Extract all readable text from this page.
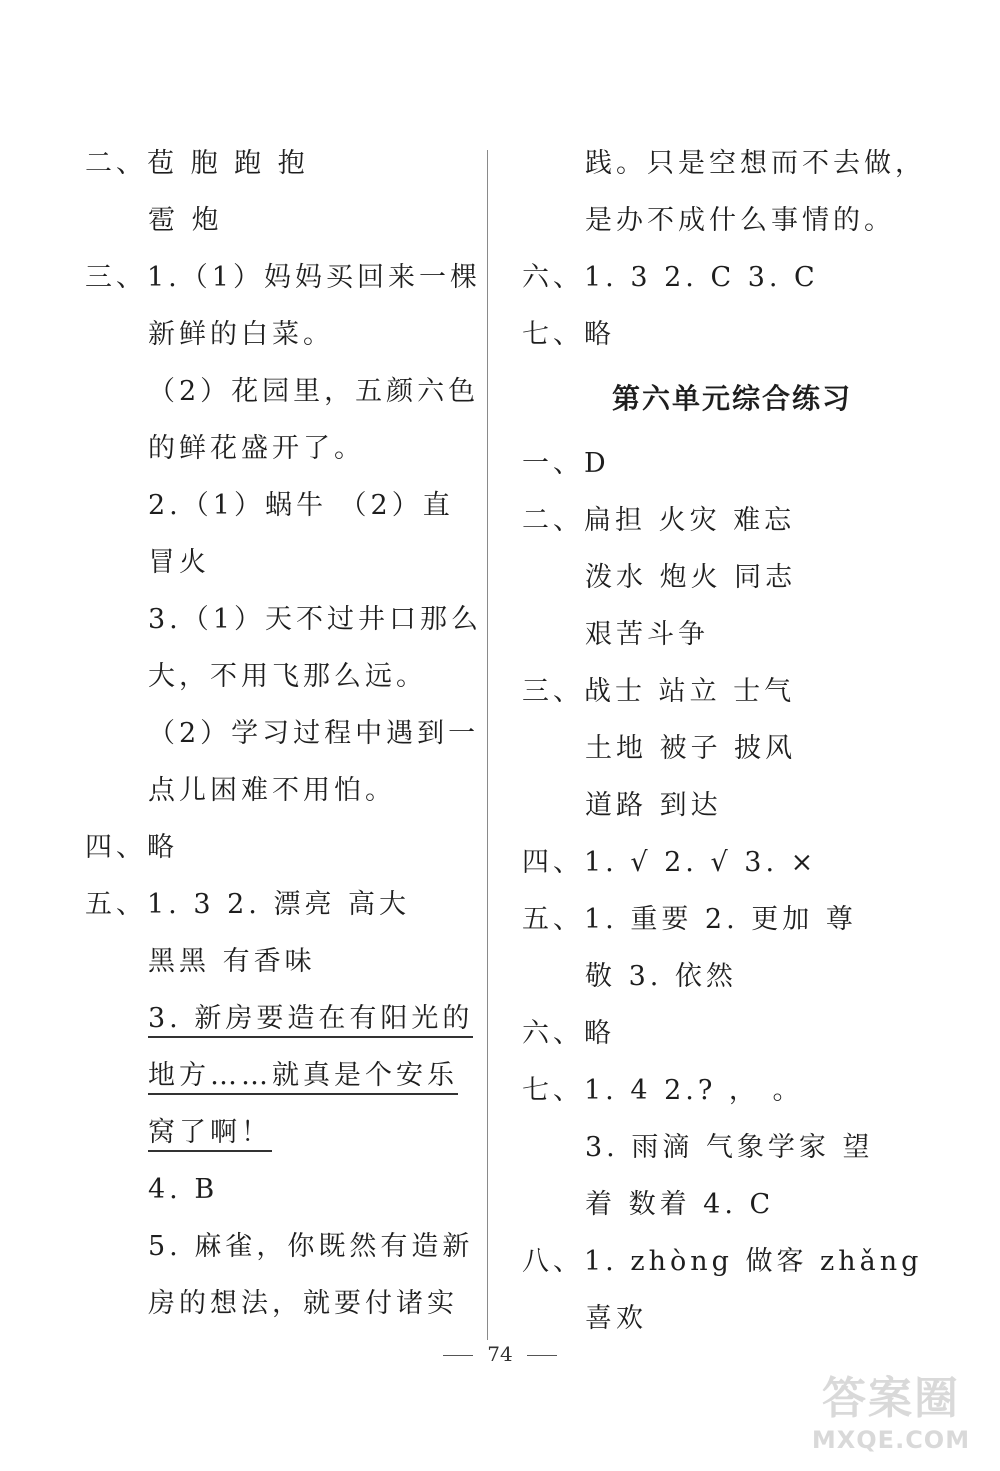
二、苞 胞 跑 抱
雹 炮
三、1.（1）妈妈买回来一棵
新鲜的白菜。
（2）花园里，五颜六色
的鲜花盛开了。
2.（1）蜗牛 （2）直
冒火
3.（1）天不过井口那么
大，不用飞那么远。
（2）学习过程中遇到一
点儿困难不用怕。
四、略
五、1. 3 2. 漂亮 高大
黑黑 有香味
3. 新房要造在有阳光的
地方……就真是个安乐
窝了啊！
4. B
5. 麻雀，你既然有造新
房的想法，就要付诸实
践。只是空想而不去做，
是办不成什么事情的。
六、1. 3 2. C 3. C
七、略
第六单元综合练习
一、D
二、扁担 火灾 难忘
泼水 炮火 同志
艰苦斗争
三、战士 站立 士气
土地 被子 披风
道路 到达
四、1. √ 2. √ 3. ×
五、1. 重要 2. 更加 尊
敬 3. 依然
六、略
七、1. 4 2.? ， 。
3. 雨滴 气象学家 望
着 数着 4. C
八、1. zhòng 做客 zhǎng
喜欢
74
答案圈
MXQE.COM
